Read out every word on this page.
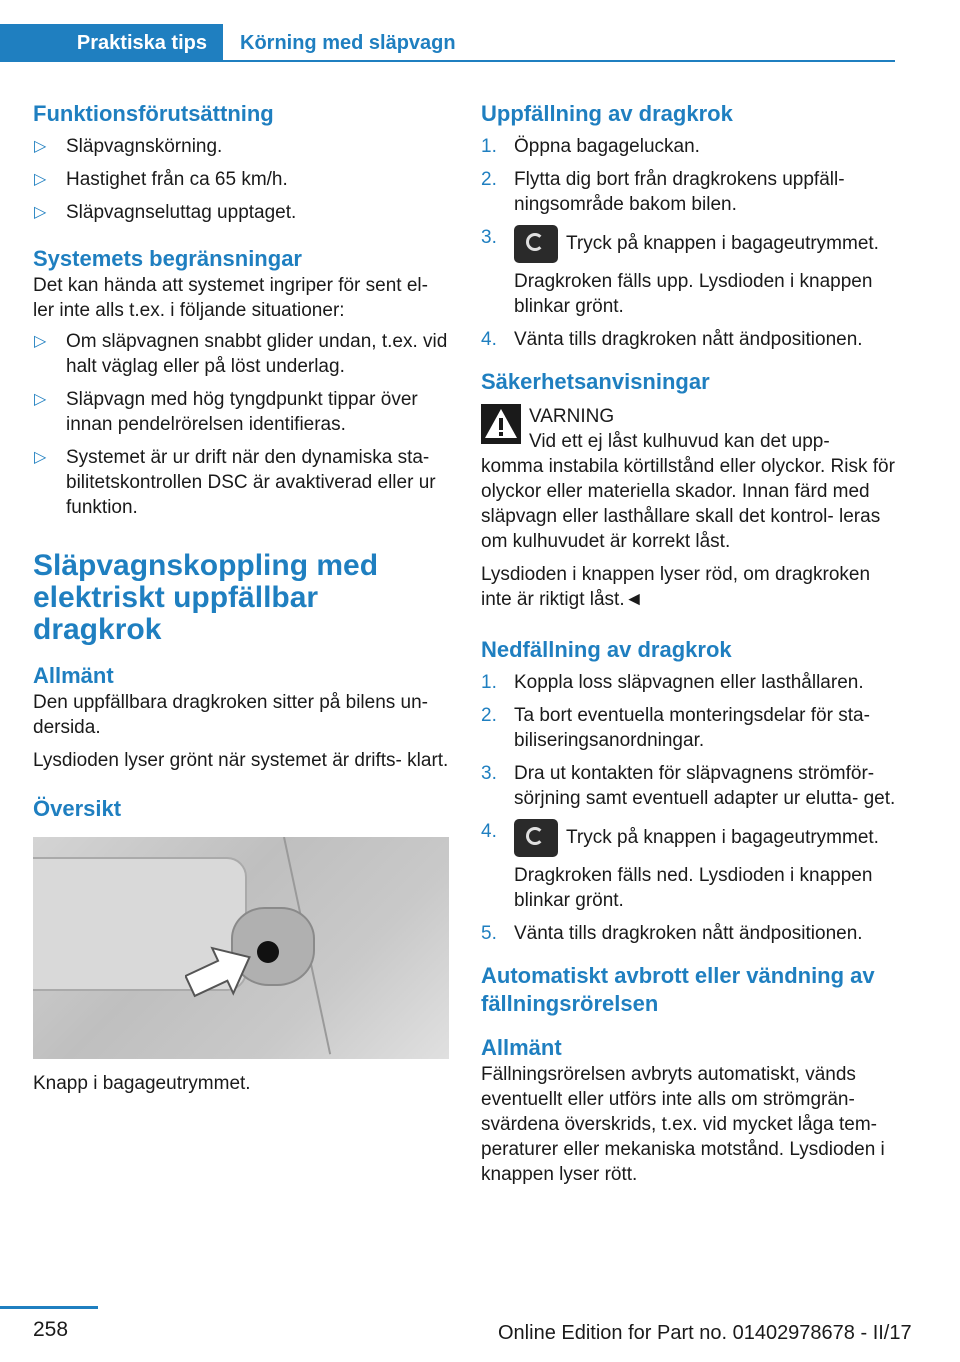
Praktiska tips	Körning med släpvagn
Funktionsförutsättning
▷ Släpvagnskörning.
▷ Hastighet från ca 65 km/h.
▷ Släpvagnseluttag upptaget.
Systemets begränsningar

Det kan hända att systemet ingriper för sent el‐ ler inte alls t.ex. i följande situationer:

▷ Om släpvagnen snabbt glider undan, t.ex. vid halt väglag eller på löst underlag.
▷ Släpvagn med hög tyngdpunkt tippar över innan pendelrörelsen identifieras.
▷ Systemet är ur drift när den dynamiska sta‐ bilitetskontrollen DSC är avaktiverad eller ur funktion.
Släpvagnskoppling med elektriskt uppfällbar dragkrok
Allmänt

Den uppfällbara dragkroken sitter på bilens un‐ dersida.

Lysdioden lyser grönt när systemet är drifts‐ klart.

Översikt

Knapp i bagageutrymmet.

Uppfällning av dragkrok
1. Öppna bagageluckan.
2. Flytta dig bort från dragkrokens uppfäll‐ ningsområde bakom bilen.
3.	Tryck på knappen i bagageutrymmet.
Dragkroken fälls upp. Lysdioden i knappen blinkar grönt.
4. Vänta tills dragkroken nått ändpositionen.
Säkerhetsanvisningar

VARNING

Vid ett ej låst kulhuvud kan det upp‐ komma instabila körtillstånd eller olyckor. Risk för olyckor eller materiella skador. Innan färd med släpvagn eller lasthållare skall det kontrol‐ leras om kulhuvudet är korrekt låst.

Lysdioden i knappen lyser röd, om dragkroken inte är riktigt låst.◄

Nedfällning av dragkrok
1. Koppla loss släpvagnen eller lasthållaren.
2. Ta bort eventuella monteringsdelar för sta‐ biliseringsanordningar.
3. Dra ut kontakten för släpvagnens strömför‐ sörjning samt eventuell adapter ur elutta‐ get.
4.	Tryck på knappen i bagageutrymmet.
Dragkroken fälls ned. Lysdioden i knappen blinkar grönt.
5. Vänta tills dragkroken nått ändpositionen.
Automatiskt avbrott eller vändning av fällningsrörelsen
Allmänt

Fällningsrörelsen avbryts automatiskt, vänds eventuellt eller utförs inte alls om strömgrän‐ svärdena överskrids, t.ex. vid mycket låga tem‐ peraturer eller mekaniska motstånd. Lysdioden i knappen lyser rött.

258	Online Edition for Part no. 01402978678 - II/17
